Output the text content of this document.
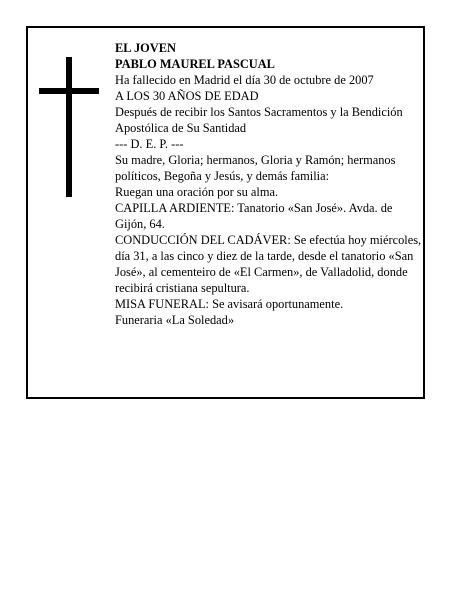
EL JOVEN

PABLO MAUREL PASCUAL

Ha fallecido en Madrid el día 30 de octubre de 2007

A LOS 30 AÑOS DE EDAD

Después de recibir los Santos Sacramentos y la Bendición Apostólica de Su Santidad

--- D. E. P. ---

Su madre, Gloria; hermanos, Gloria y Ramón; hermanos políticos, Begoña y Jesús, y demás familia:

Ruegan una oración por su alma.

CAPILLA ARDIENTE: Tanatorio «San José». Avda. de Gijón, 64.

CONDUCCIÓN DEL CADÁVER: Se efectúa hoy miércoles, día 31, a las cinco y diez de la tarde, desde el tanatorio «San José», al cementeiro de «El Carmen», de Valladolid, donde recibirá cristiana sepultura.

MISA FUNERAL: Se avisará oportunamente.

Funeraria «La Soledad»
